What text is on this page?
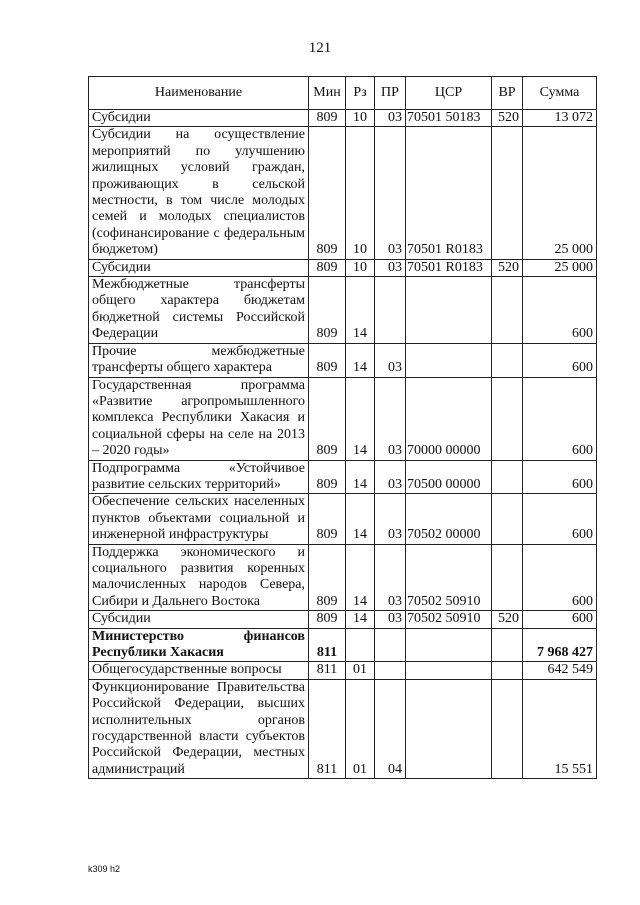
121
Наименование	Мин	Рз	ПР	ЦСР	ВР	Сумма
Субсидии	809	10	03	70501 50183	520	13 072
Субсидии на осуществление мероприятий по улучшению жилищных условий граждан, проживающих в сельской местности, в том числе молодых семей и молодых специалистов (софинансирование с федеральным бюджетом)	809	10	03	70501 R0183		25 000
Субсидии	809	10	03	70501 R0183	520	25 000
Межбюджетные трансферты общего характера бюджетам бюджетной системы Российской Федерации	809	14				600
Прочие межбюджетные трансферты общего характера	809	14	03			600
Государственная программа «Развитие агропромышленного комплекса Республики Хакасия и социальной сферы на селе на 2013 – 2020 годы»	809	14	03	70000 00000		600
Подпрограмма «Устойчивое развитие сельских территорий»	809	14	03	70500 00000		600
Обеспечение сельских населенных пунктов объектами социальной и инженерной инфраструктуры	809	14	03	70502 00000		600
Поддержка экономического и социального развития коренных малочисленных народов Севера, Сибири и Дальнего Востока	809	14	03	70502 50910		600
Субсидии	809	14	03	70502 50910	520	600
Министерство финансов Республики Хакасия	811					7 968 427
Общегосударственные вопросы	811	01				642 549
Функционирование Правительства Российской Федерации, высших исполнительных органов государственной власти субъектов Российской Федерации, местных администраций	811	01	04			15 551
k309 h2
